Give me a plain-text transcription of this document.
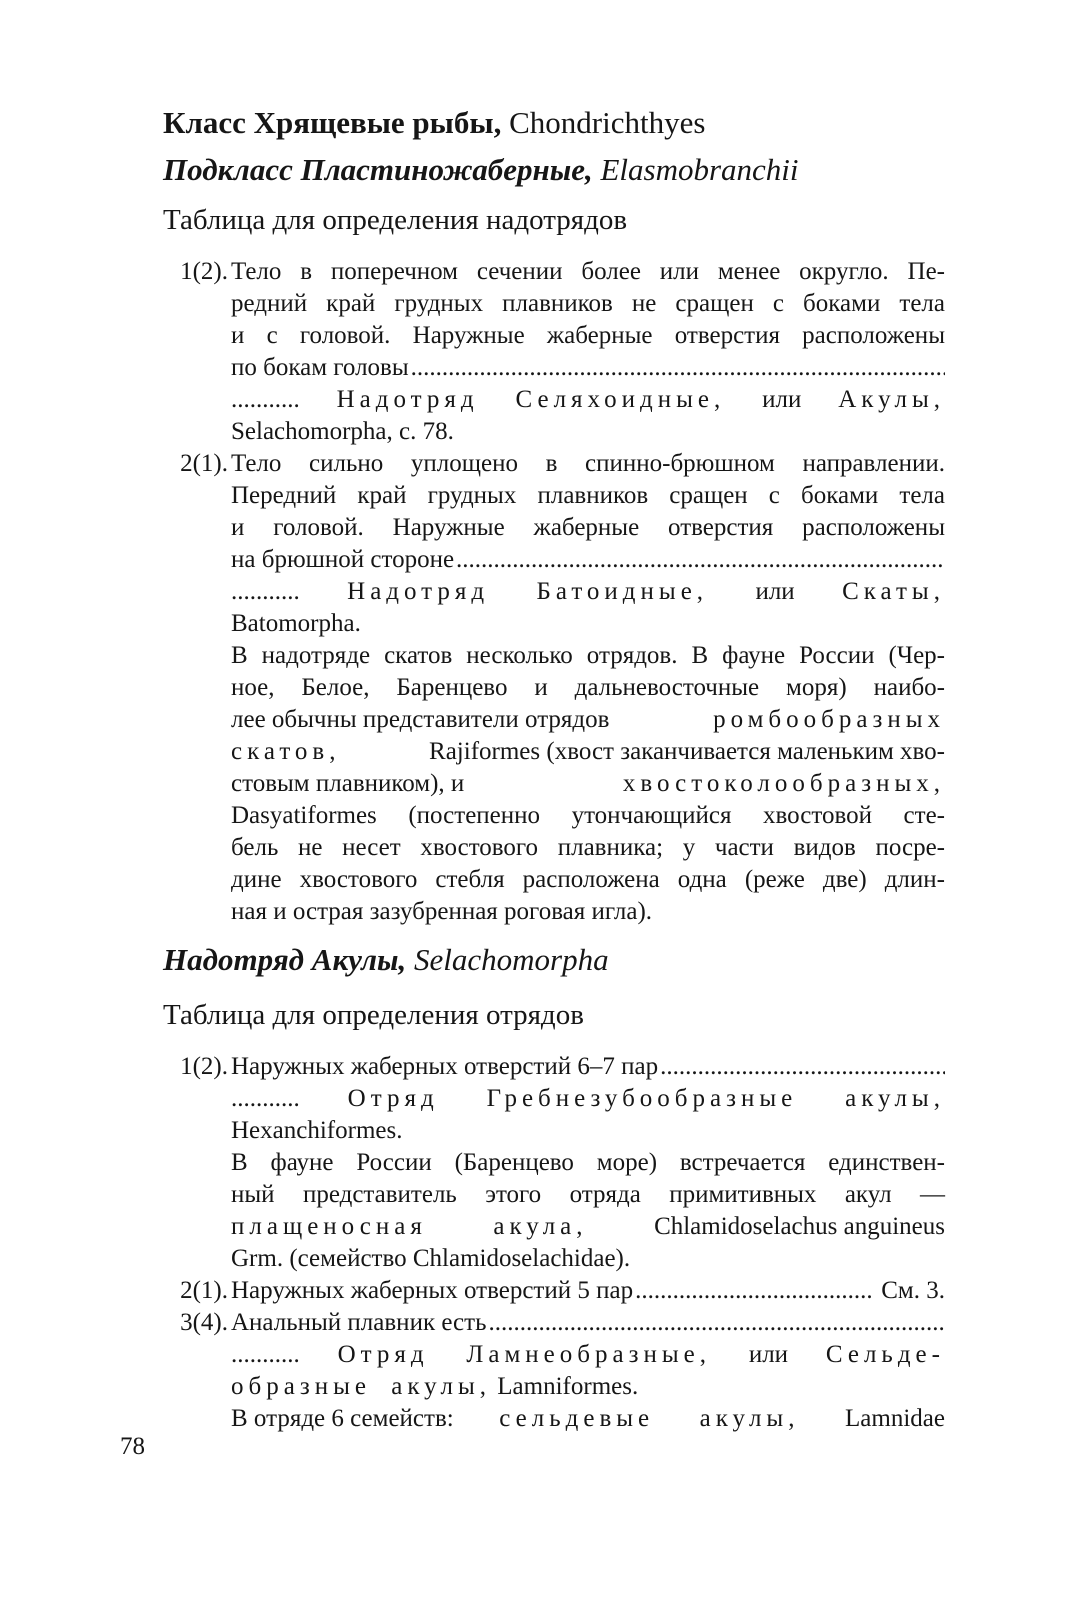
Класс Хрящевые рыбы, Chondrichthyes
Подкласс Пластиножаберные, Elasmobranchii
Таблица для определения надотрядов
1(2). Тело в поперечном сечении более или менее округло. Пе-
редний край грудных плавников не сращен с боками тела
и с головой. Наружные жаберные отверстия расположены
по бокам головы
.....
........... Надотряд Селяхоидные, или Акулы,
Selachomorpha, с. 78.
2(1). Тело сильно уплощено в спинно-брюшном направлении.
Передний край грудных плавников сращен с боками тела
и головой. Наружные жаберные отверстия расположены
на брюшной стороне
.....
........... Надотряд Батоидные, или Скаты,
Batomorpha.
В надотряде скатов несколько отрядов. В фауне России (Чер-
ное, Белое, Баренцево и дальневосточные моря) наибо-
лее обычны представители отрядов	ромбообразных
скатов,	Rajiformes (хвост заканчивается маленьким хво-
стовым плавником), и	хвостоколообразных,
Dasyatiformes (постепенно утончающийся хвостовой сте-
бель не несет хвостового плавника; у части видов посре-
дине хвостового стебля расположена одна (реже две) длин-
ная и острая зазубренная роговая игла).
Надотряд Акулы, Selachomorpha
Таблица для определения отрядов
1(2). Наружных жаберных отверстий 6–7 пар
.....
........... Отряд Гребнезубообразные акулы,
Hexanchiformes.
В фауне России (Баренцево море) встречается единствен-
ный представитель этого отряда примитивных акул —
плащеносная	акула,	Chlamidoselachus anguineus
Grm. (семейство Chlamidoselachidae).
2(1). Наружных жаберных отверстий 5 пар
.....	См. 3.
3(4). Анальный плавник есть
.....
........... Отряд Ламнеобразные, или Сельде-
образные акулы, Lamniformes.
В отряде 6 семейств: сельдевые акулы, Lamnidae
78
